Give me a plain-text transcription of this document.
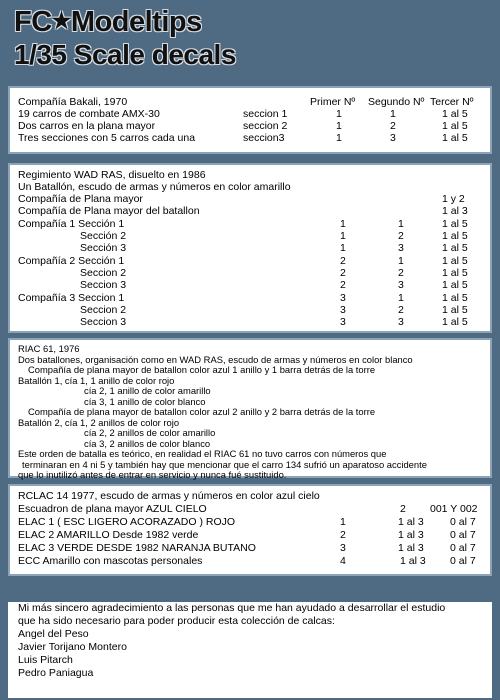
FC★Modeltips
1/35 Scale decals
Primer Nº Segundo Nº Tercer Nº
Compañía Bakali, 1970
19 carros de combate AMX-30	seccion 1	1	1	1 al 5
Dos carros en la plana mayor	seccion 2	1	2	1 al 5
Tres secciones con 5 carros cada una	seccion3	1	3	1 al 5
Regimiento WAD RAS, disuelto en 1986
Un Batallón, escudo de armas y números en color amarillo
Compañía de Plana mayor	1 y 2
Compañía de Plana mayor del batallon	1 al 3
Compañía 1 Sección 1	1	1	1 al 5
Sección 2	1	2	1 al 5
Sección 3	1	3	1 al 5
Compañía 2 Sección 1	2	1	1 al 5
Seccion 2	2	2	1 al 5
Seccion 3	2	3	1 al 5
Compañía 3 Seccion 1	3	1	1 al 5
Seccion 2	3	2	1 al 5
Seccion 3	3	3	1 al 5
RIAC 61, 1976
Dos batallones, organisación como en WAD RAS, escudo de armas y números en color blanco
Compañía de plana mayor de batallon color azul 1 anillo y 1 barra detrás de la torre
Batallón 1, cía 1, 1 anillo de color rojo
cía 2, 1 anillo de color amarillo
cía 3, 1 anillo de color blanco
Compañía de plana mayor de batallon color azul 2 anillo y 2 barra detrás de la torre
Batallón 2, cía 1, 2 anillos de color rojo
cía 2, 2 anillos de color amarillo
cía 3, 2 anillos de color blanco
Este orden de batalla es teórico, en realidad el RIAC 61 no tuvo carros con números que
terminaran en 4 ni 5 y también hay que mencionar que el carro 134 sufrió un aparatoso accidente
que lo inutilizó antes de entrar en servicio y nunca fué sustituido.
RCLAC 14 1977, escudo de armas y números en color azul cielo
Escuadron de plana mayor AZUL CIELO	2 001 Y 002
ELAC 1 ( ESC LIGERO ACORAZADO ) ROJO	1	1 al 3	0 al 7
ELAC 2 AMARILLO Desde 1982 verde	2	1 al 3	0 al 7
ELAC 3 VERDE DESDE 1982 NARANJA BUTANO	3	1 al 3	0 al 7
ECC Amarillo con mascotas personales	4	1 al 3 0 al 7
Mi más sincero agradecimiento a las personas que me han ayudado a desarrollar el estudio
que ha sido necesario para poder producir esta colección de calcas:
Angel del Peso
Javier Torijano Montero
Luis Pitarch
Pedro Paniagua
